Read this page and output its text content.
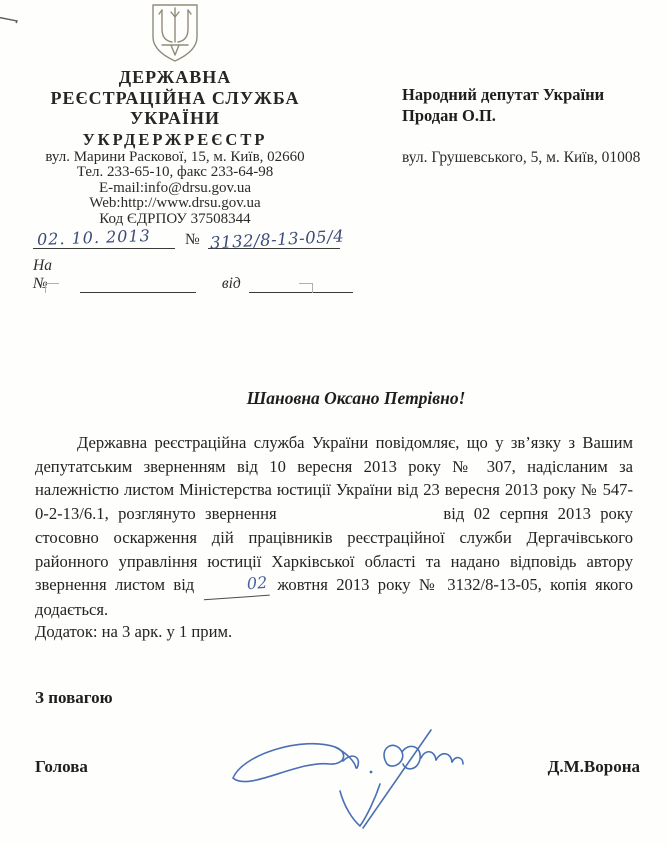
ДЕРЖАВНА
РЕЄСТРАЦІЙНА СЛУЖБА
УКРАЇНИ
УКРДЕРЖРЕЄСТР
вул. Марини Раскової, 15, м. Київ, 02660
Тел. 233-65-10, факс 233-64-98
E-mail:info@drsu.gov.ua
Web:http://www.drsu.gov.ua
Код ЄДРПОУ 37508344
02. 10. 2013 № 3132/8-13-05/4
На №	від
Народний депутат України
Продан О.П.
вул. Грушевського, 5, м. Київ, 01008
Шановна Оксано Петрівно!
Державна реєстраційна служба України повідомляє, що у зв’язку з Вашим депутатським зверненням від 10 вересня 2013 року № 307, надісланим за належністю листом Міністерства юстиції України від 23 вересня 2013 року № 547-0-2-13/6.1, розглянуто звернення	від 02 серпня 2013 року стосовно оскарження дій працівників реєстраційної служби Дергачівського районного управління юстиції Харківської області та надано відповідь автору звернення листом від	02 жовтня 2013 року № 3132/8-13-05, копія якого додається.
Додаток: на 3 арк. у 1 прим.
З повагою
Голова	Д.М.Ворона
